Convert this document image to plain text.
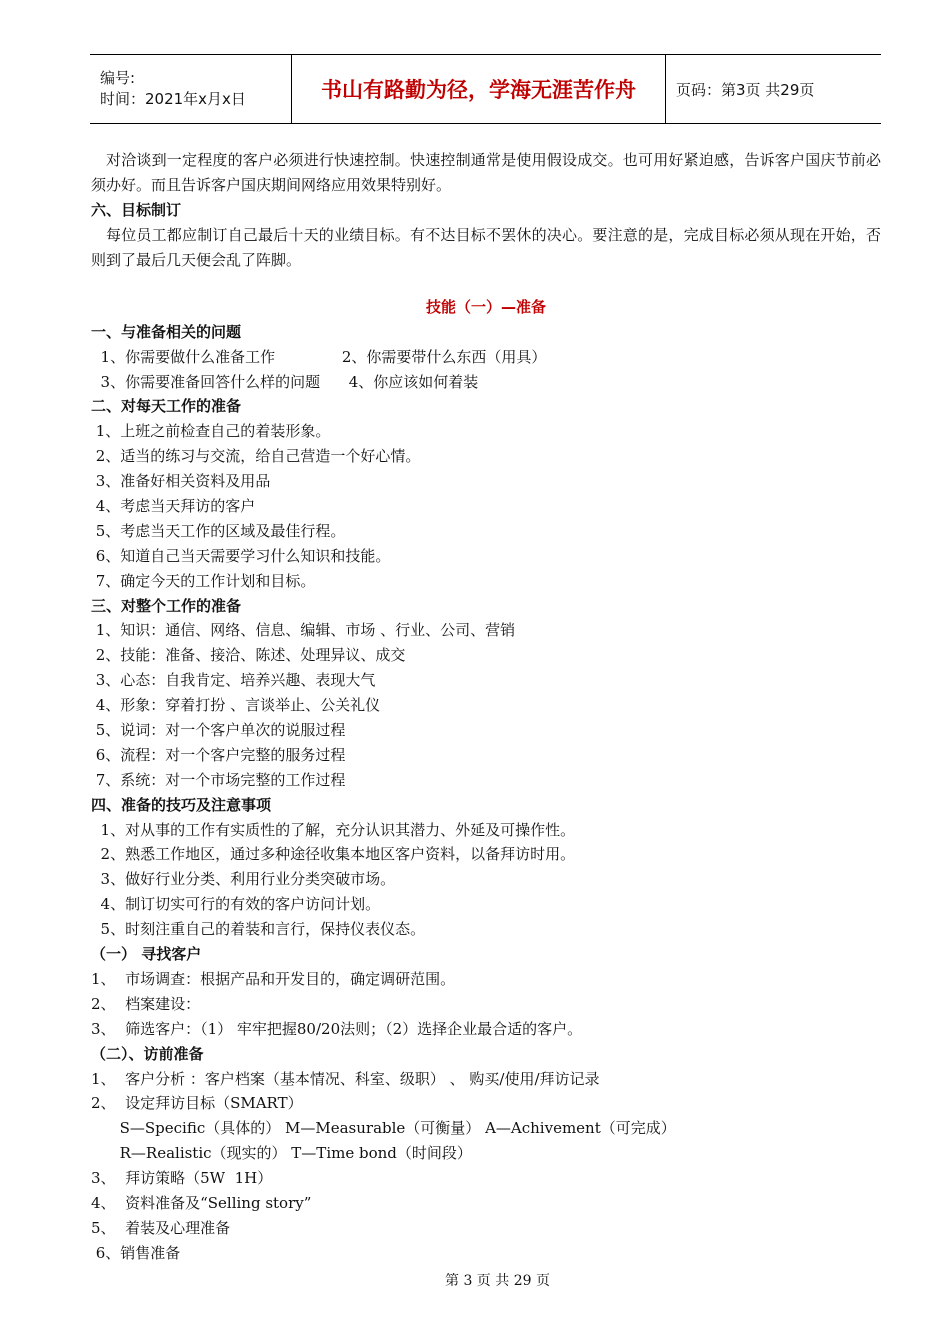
编号:
时间：2021年x月x日	书山有路勤为径，学海无涯苦作舟	页码：第3页 共29页

对洽谈到一定程度的客户必须进行快速控制。快速控制通常是使用假设成交。也可用好紧迫感，告诉客户国庆节前必须办好。而且告诉客户国庆期间网络应用效果特别好。

六、目标制订

每位员工都应制订自己最后十天的业绩目标。有不达目标不罢休的决心。要注意的是，完成目标必须从现在开始，否则到了最后几天便会乱了阵脚。

技能（一）—准备
一、与准备相关的问题
1、你需要做什么准备工作              2、你需要带什么东西（用具）
3、你需要准备回答什么样的问题      4、你应该如何着装
二、对每天工作的准备
1、上班之前检查自己的着装形象。
2、适当的练习与交流，给自己营造一个好心情。
3、准备好相关资料及用品
4、考虑当天拜访的客户
5、考虑当天工作的区域及最佳行程。
6、知道自己当天需要学习什么知识和技能。
7、确定今天的工作计划和目标。
三、对整个工作的准备
1、知识：通信、网络、信息、编辑、市场 、行业、公司、营销
2、技能：准备、接洽、陈述、处理异议、成交
3、心态：自我肯定、培养兴趣、表现大气
4、形象：穿着打扮 、言谈举止、公关礼仪
5、说词：对一个客户单次的说服过程
6、流程：对一个客户完整的服务过程
7、系统：对一个市场完整的工作过程
四、准备的技巧及注意事项
1、对从事的工作有实质性的了解，充分认识其潜力、外延及可操作性。
2、熟悉工作地区，通过多种途径收集本地区客户资料，以备拜访时用。
3、做好行业分类、利用行业分类突破市场。
4、制订切实可行的有效的客户访问计划。
5、时刻注重自己的着装和言行，保持仪表仪态。
（一） 寻找客户
1、  市场调查：根据产品和开发目的，确定调研范围。
2、  档案建设：
3、  筛选客户：（1） 牢牢把握80/20法则；（2）选择企业最合适的客户。
（二）、访前准备
1、  客户分析 ：客户档案（基本情况、科室、级职） 、 购买/使用/拜访记录
2、  设定拜访目标（SMART）
S—Specific（具体的） M—Measurable（可衡量） A—Achivement（可完成）
R—Realistic（现实的） T—Time bond（时间段）
3、  拜访策略（5W  1H）
4、  资料准备及“Selling story”
5、  着装及心理准备
6、销售准备
第 3 页 共 29 页
